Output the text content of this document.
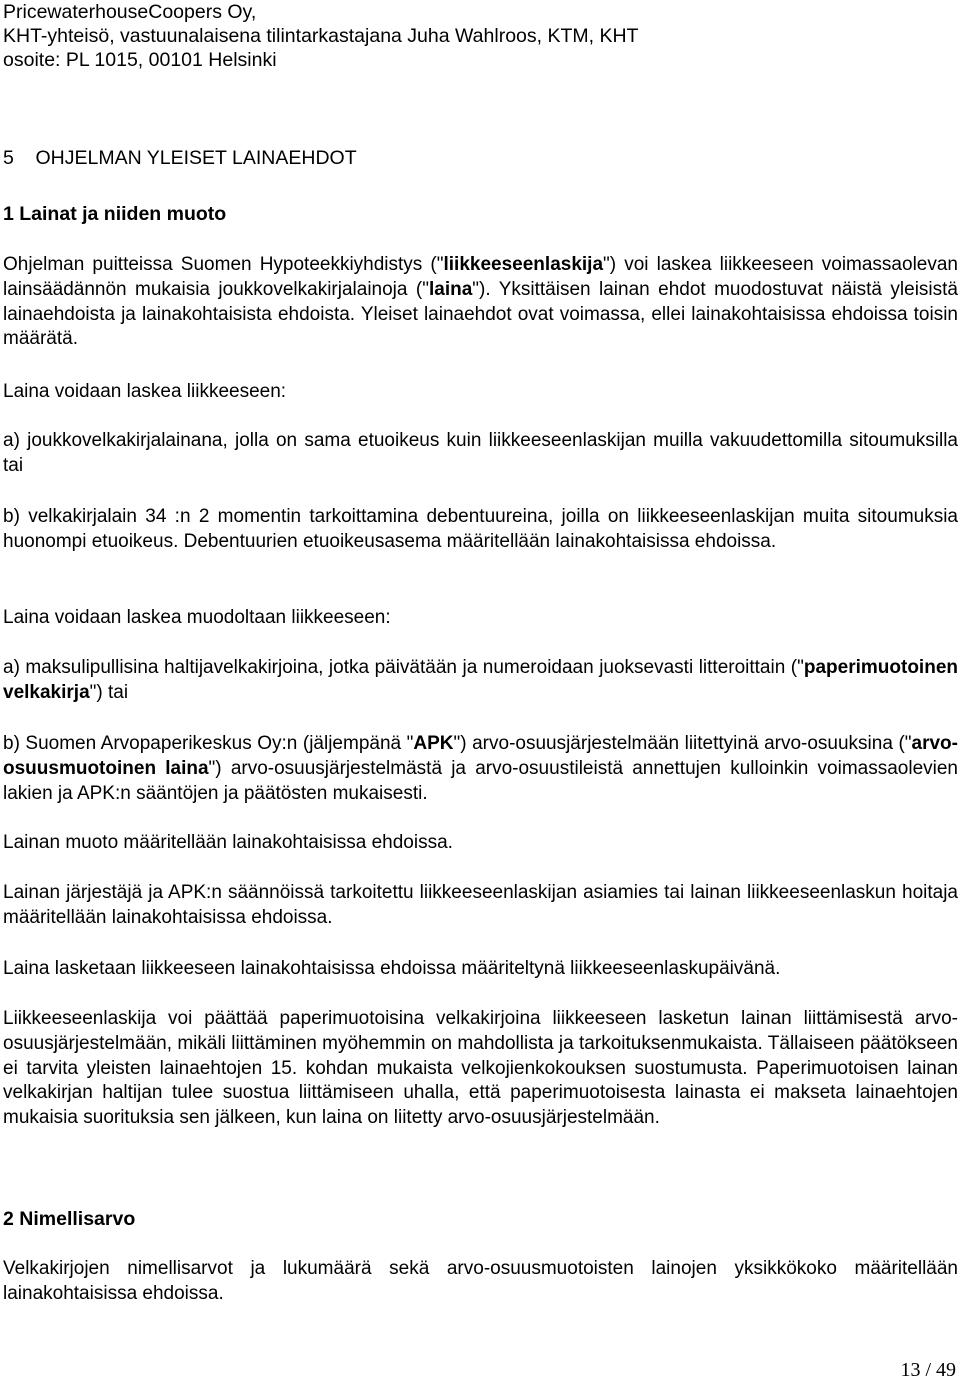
PricewaterhouseCoopers Oy,

KHT-yhteisö, vastuunalaisena tilintarkastajana Juha Wahlroos, KTM, KHT

osoite: PL 1015, 00101 Helsinki

5    OHJELMAN YLEISET LAINAEHDOT

1 Lainat ja niiden muoto

Ohjelman puitteissa Suomen Hypoteekkiyhdistys ("liikkeeseenlaskija") voi laskea liikkeeseen voimassaolevan lainsäädännön mukaisia joukkovelkakirjalainoja ("laina"). Yksittäisen lainan ehdot muodostuvat näistä yleisistä lainaehdoista ja lainakohtaisista ehdoista. Yleiset lainaehdot ovat voimassa, ellei lainakohtaisissa ehdoissa toisin määrätä.

Laina voidaan laskea liikkeeseen:

a) joukkovelkakirjalainana, jolla on sama etuoikeus kuin liikkeeseenlaskijan muilla vakuudettomilla sitoumuksilla tai

b) velkakirjalain 34 :n 2 momentin tarkoittamina debentuureina, joilla on liikkeeseenlaskijan muita sitoumuksia huonompi etuoikeus. Debentuurien etuoikeusasema määritellään lainakohtaisissa ehdoissa.

Laina voidaan laskea muodoltaan liikkeeseen:

a) maksulipullisina haltijavelkakirjoina, jotka päivätään ja numeroidaan juoksevasti litteroittain ("paperimuotoinen velkakirja") tai

b) Suomen Arvopaperikeskus Oy:n (jäljempänä "APK") arvo-osuusjärjestelmään liitettyinä arvo-osuuksina ("arvo-osuusmuotoinen laina") arvo-osuusjärjestelmästä ja arvo-osuustileistä annettujen kulloinkin voimassaolevien lakien ja APK:n sääntöjen ja päätösten mukaisesti.

Lainan muoto määritellään lainakohtaisissa ehdoissa.

Lainan järjestäjä ja APK:n säännöissä tarkoitettu liikkeeseenlaskijan asiamies tai lainan liikkeeseenlaskun hoitaja määritellään lainakohtaisissa ehdoissa.

Laina lasketaan liikkeeseen lainakohtaisissa ehdoissa määriteltynä liikkeeseenlaskupäivänä.

Liikkeeseenlaskija voi päättää paperimuotoisina velkakirjoina liikkeeseen lasketun lainan liittämisestä arvo-osuusjärjestelmään, mikäli liittäminen myöhemmin on mahdollista ja tarkoituksenmukaista. Tällaiseen päätökseen ei tarvita yleisten lainaehtojen 15. kohdan mukaista velkojienkokouksen suostumusta. Paperimuotoisen lainan velkakirjan haltijan tulee suostua liittämiseen uhalla, että paperimuotoisesta lainasta ei makseta lainaehtojen mukaisia suorituksia sen jälkeen, kun laina on liitetty arvo-osuusjärjestelmään.

2 Nimellisarvo

Velkakirjojen nimellisarvot ja lukumäärä sekä arvo-osuusmuotoisten lainojen yksikkökoko määritellään lainakohtaisissa ehdoissa.

13 / 49
